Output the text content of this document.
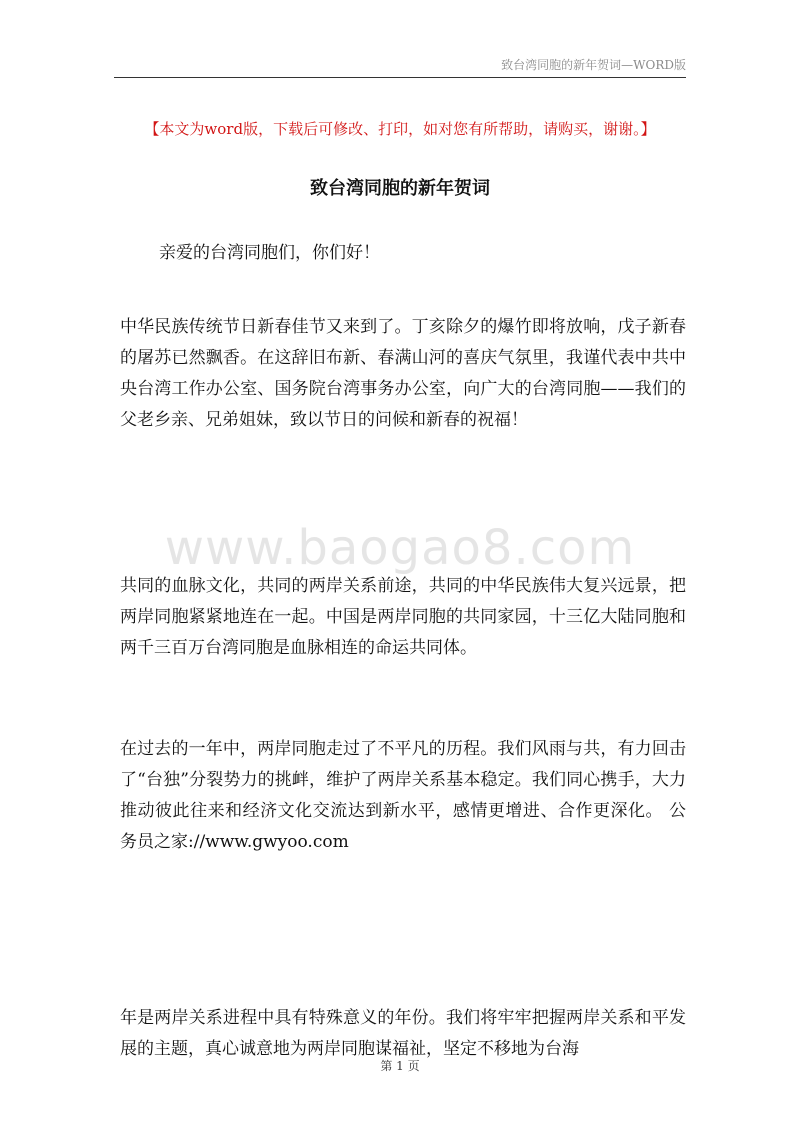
致台湾同胞的新年贺词—WORD版
【本文为word版，下载后可修改、打印，如对您有所帮助，请购买，谢谢。】
致台湾同胞的新年贺词
亲爱的台湾同胞们，你们好！

中华民族传统节日新春佳节又来到了。丁亥除夕的爆竹即将放响，戊子新春的屠苏已然飘香。在这辞旧布新、春满山河的喜庆气氛里，我谨代表中共中央台湾工作办公室、国务院台湾事务办公室，向广大的台湾同胞——我们的父老乡亲、兄弟姐妹，致以节日的问候和新春的祝福！

www.baogao8.com

共同的血脉文化，共同的两岸关系前途，共同的中华民族伟大复兴远景，把两岸同胞紧紧地连在一起。中国是两岸同胞的共同家园，十三亿大陆同胞和两千三百万台湾同胞是血脉相连的命运共同体。

在过去的一年中，两岸同胞走过了不平凡的历程。我们风雨与共，有力回击了“台独”分裂势力的挑衅，维护了两岸关系基本稳定。我们同心携手，大力推动彼此往来和经济文化交流达到新水平，感情更增进、合作更深化。 公务员之家://www.gwyoo.com

年是两岸关系进程中具有特殊意义的年份。我们将牢牢把握两岸关系和平发展的主题，真心诚意地为两岸同胞谋福祉，坚定不移地为台海

第 1 页
